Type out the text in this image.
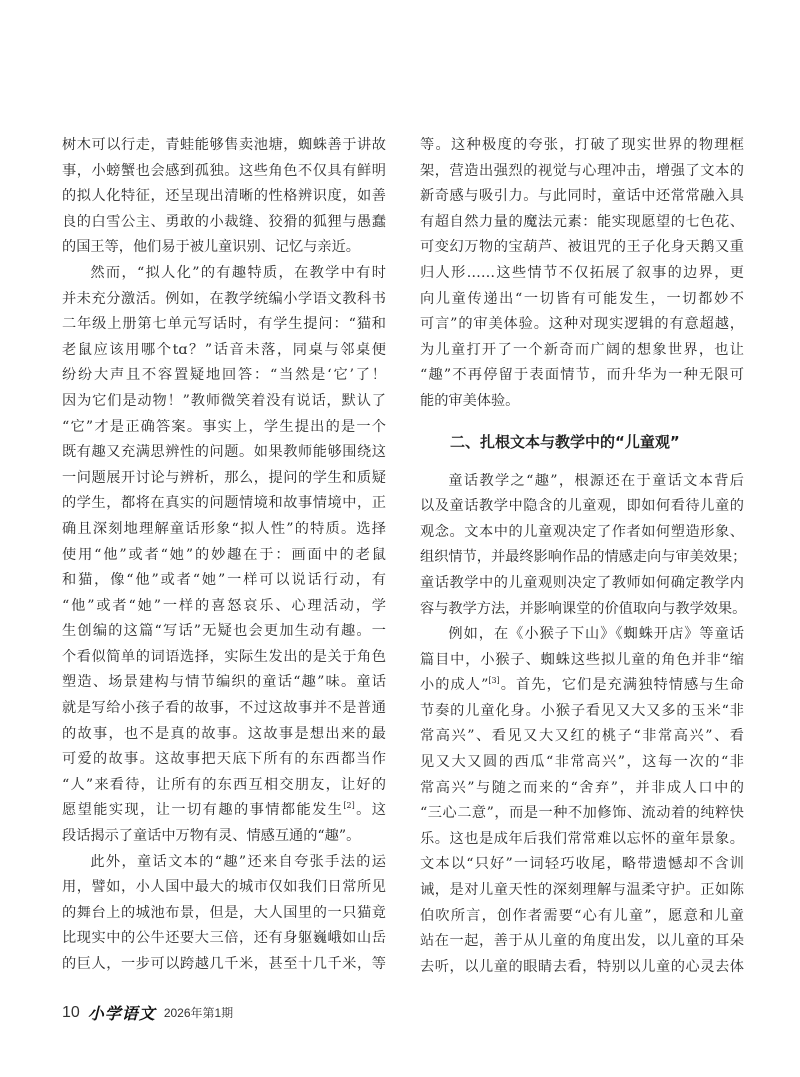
树木可以行走，青蛙能够售卖池塘，蜘蛛善于讲故
事，小螃蟹也会感到孤独。这些角色不仅具有鲜明
的拟人化特征，还呈现出清晰的性格辨识度，如善
良的白雪公主、勇敢的小裁缝、狡猾的狐狸与愚蠢
的国王等，他们易于被儿童识别、记忆与亲近。
然而，“拟人化”的有趣特质，在教学中有时
并未充分激活。例如，在教学统编小学语文教科书
二年级上册第七单元写话时，有学生提问：“猫和
老鼠应该用哪个tɑ？”话音未落，同桌与邻桌便
纷纷大声且不容置疑地回答：“当然是‘它’了！
因为它们是动物！”教师微笑着没有说话，默认了
“它”才是正确答案。事实上，学生提出的是一个
既有趣又充满思辨性的问题。如果教师能够围绕这
一问题展开讨论与辨析，那么，提问的学生和质疑
的学生，都将在真实的问题情境和故事情境中，正
确且深刻地理解童话形象“拟人性”的特质。选择
使用“他”或者“她”的妙趣在于：画面中的老鼠
和猫，像“他”或者“她”一样可以说话行动，有
“他”或者“她”一样的喜怒哀乐、心理活动，学
生创编的这篇“写话”无疑也会更加生动有趣。一
个看似简单的词语选择，实际生发出的是关于角色
塑造、场景建构与情节编织的童话“趣”味。童话
就是写给小孩子看的故事，不过这故事并不是普通
的故事，也不是真的故事。这故事是想出来的最
可爱的故事。这故事把天底下所有的东西都当作
“人”来看待，让所有的东西互相交朋友，让好的
愿望能实现，让一切有趣的事情都能发生[2]。这
段话揭示了童话中万物有灵、情感互通的“趣”。
此外，童话文本的“趣”还来自夸张手法的运
用，譬如，小人国中最大的城市仅如我们日常所见
的舞台上的城池布景，但是，大人国里的一只猫竟
比现实中的公牛还要大三倍，还有身躯巍峨如山岳
的巨人，一步可以跨越几千米，甚至十几千米，等
等。这种极度的夸张，打破了现实世界的物理框
架，营造出强烈的视觉与心理冲击，增强了文本的
新奇感与吸引力。与此同时，童话中还常常融入具
有超自然力量的魔法元素：能实现愿望的七色花、
可变幻万物的宝葫芦、被诅咒的王子化身天鹅又重
归人形……这些情节不仅拓展了叙事的边界，更
向儿童传递出“一切皆有可能发生，一切都妙不
可言”的审美体验。这种对现实逻辑的有意超越，
为儿童打开了一个新奇而广阔的想象世界，也让
“趣”不再停留于表面情节，而升华为一种无限可
能的审美体验。
二、扎根文本与教学中的“儿童观”
童话教学之“趣”，根源还在于童话文本背后
以及童话教学中隐含的儿童观，即如何看待儿童的
观念。文本中的儿童观决定了作者如何塑造形象、
组织情节，并最终影响作品的情感走向与审美效果；
童话教学中的儿童观则决定了教师如何确定教学内
容与教学方法，并影响课堂的价值取向与教学效果。
例如，在《小猴子下山》《蜘蛛开店》等童话
篇目中，小猴子、蜘蛛这些拟儿童的角色并非“缩
小的成人”[3]。首先，它们是充满独特情感与生命
节奏的儿童化身。小猴子看见又大又多的玉米“非
常高兴”、看见又大又红的桃子“非常高兴”、看
见又大又圆的西瓜“非常高兴”，这每一次的“非
常高兴”与随之而来的“舍弃”，并非成人口中的
“三心二意”，而是一种不加修饰、流动着的纯粹快
乐。这也是成年后我们常常难以忘怀的童年景象。
文本以“只好”一词轻巧收尾，略带遗憾却不含训
诫，是对儿童天性的深刻理解与温柔守护。正如陈
伯吹所言，创作者需要“心有儿童”，愿意和儿童
站在一起，善于从儿童的角度出发，以儿童的耳朵
去听，以儿童的眼睛去看，特别以儿童的心灵去体
10 小学语文 2026年第1期
